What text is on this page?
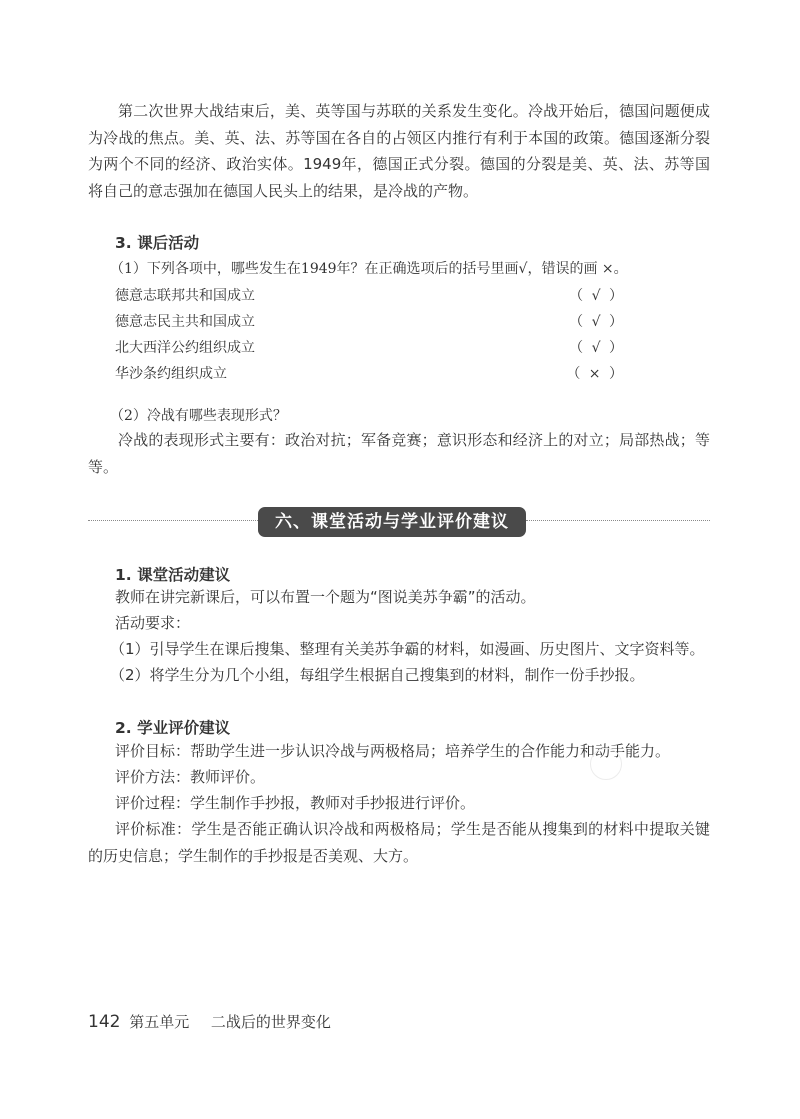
第二次世界大战结束后，美、英等国与苏联的关系发生变化。冷战开始后，德国问题便成为冷战的焦点。美、英、法、苏等国在各自的占领区内推行有利于本国的政策。德国逐渐分裂为两个不同的经济、政治实体。1949年，德国正式分裂。德国的分裂是美、英、法、苏等国将自己的意志强加在德国人民头上的结果，是冷战的产物。

3. 课后活动

（1）下列各项中，哪些发生在1949年？在正确选项后的括号里画√，错误的画 ×。

德意志联邦共和国成立	（ √ ）
德意志民主共和国成立	（ √ ）
北大西洋公约组织成立	（ √ ）
华沙条约组织成立	（ × ）

（2）冷战有哪些表现形式？

冷战的表现形式主要有：政治对抗；军备竞赛；意识形态和经济上的对立；局部热战；等等。

六、课堂活动与学业评价建议

1. 课堂活动建议

教师在讲完新课后，可以布置一个题为“图说美苏争霸”的活动。

活动要求：

（1）引导学生在课后搜集、整理有关美苏争霸的材料，如漫画、历史图片、文字资料等。

（2）将学生分为几个小组，每组学生根据自己搜集到的材料，制作一份手抄报。

2. 学业评价建议

评价目标：帮助学生进一步认识冷战与两极格局；培养学生的合作能力和动手能力。

评价方法：教师评价。

评价过程：学生制作手抄报，教师对手抄报进行评价。

评价标准：学生是否能正确认识冷战和两极格局；学生是否能从搜集到的材料中提取关键的历史信息；学生制作的手抄报是否美观、大方。

142 第五单元 二战后的世界变化
